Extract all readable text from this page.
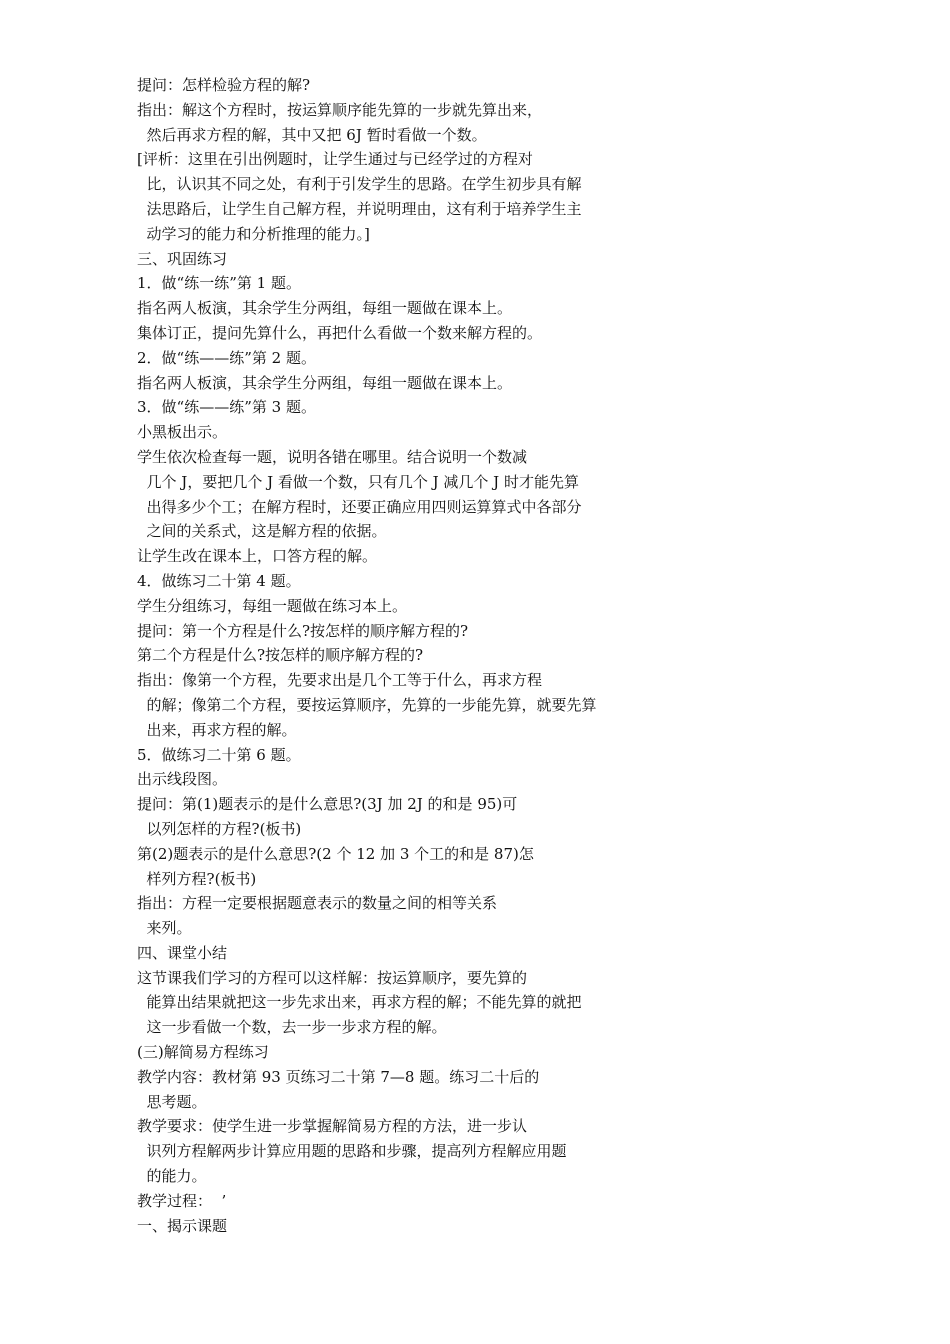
提问：怎样检验方程的解?
指出：解这个方程时，按运算顺序能先算的一步就先算出来，
然后再求方程的解，其中又把 6J 暂时看做一个数。
[评析：这里在引出例题时，让学生通过与已经学过的方程对
比，认识其不同之处，有利于引发学生的思路。在学生初步具有解
法思路后，让学生自己解方程，并说明理由，这有利于培养学生主
动学习的能力和分析推理的能力。]
三、巩固练习
1．做“练一练”第 1 题。
指名两人板演，其余学生分两组，每组一题做在课本上。
集体订正，提问先算什么，再把什么看做一个数来解方程的。
2．做“练——练”第 2 题。
指名两人板演，其余学生分两组，每组一题做在课本上。
3．做“练——练”第 3 题。
小黑板出示。
学生依次检查每一题，说明各错在哪里。结合说明一个数减
几个 J，要把几个 J 看做一个数，只有几个 J 减几个 J 时才能先算
出得多少个工；在解方程时，还要正确应用四则运算算式中各部分
之间的关系式，这是解方程的依据。
让学生改在课本上，口答方程的解。
4．做练习二十第 4 题。
学生分组练习，每组一题做在练习本上。
提问：第一个方程是什么?按怎样的顺序解方程的?
第二个方程是什么?按怎样的顺序解方程的?
指出：像第一个方程，先要求出是几个工等于什么，再求方程
的解；像第二个方程，要按运算顺序，先算的一步能先算，就要先算
出来，再求方程的解。
5．做练习二十第 6 题。
出示线段图。
提问：第(1)题表示的是什么意思?(3J 加 2J 的和是 95)可
以列怎样的方程?(板书)
第(2)题表示的是什么意思?(2 个 12 加 3 个工的和是 87)怎
样列方程?(板书)
指出：方程一定要根据题意表示的数量之间的相等关系
来列。
四、课堂小结
这节课我们学习的方程可以这样解：按运算顺序，要先算的
能算出结果就把这一步先求出来，再求方程的解；不能先算的就把
这一步看做一个数，去一步一步求方程的解。
(三)解简易方程练习
教学内容：教材第 93 页练习二十第 7—8 题。练习二十后的
思考题。
教学要求：使学生进一步掌握解简易方程的方法，进一步认
识列方程解两步计算应用题的思路和步骤，提高列方程解应用题
的能力。
教学过程：  ’
一、揭示课题
